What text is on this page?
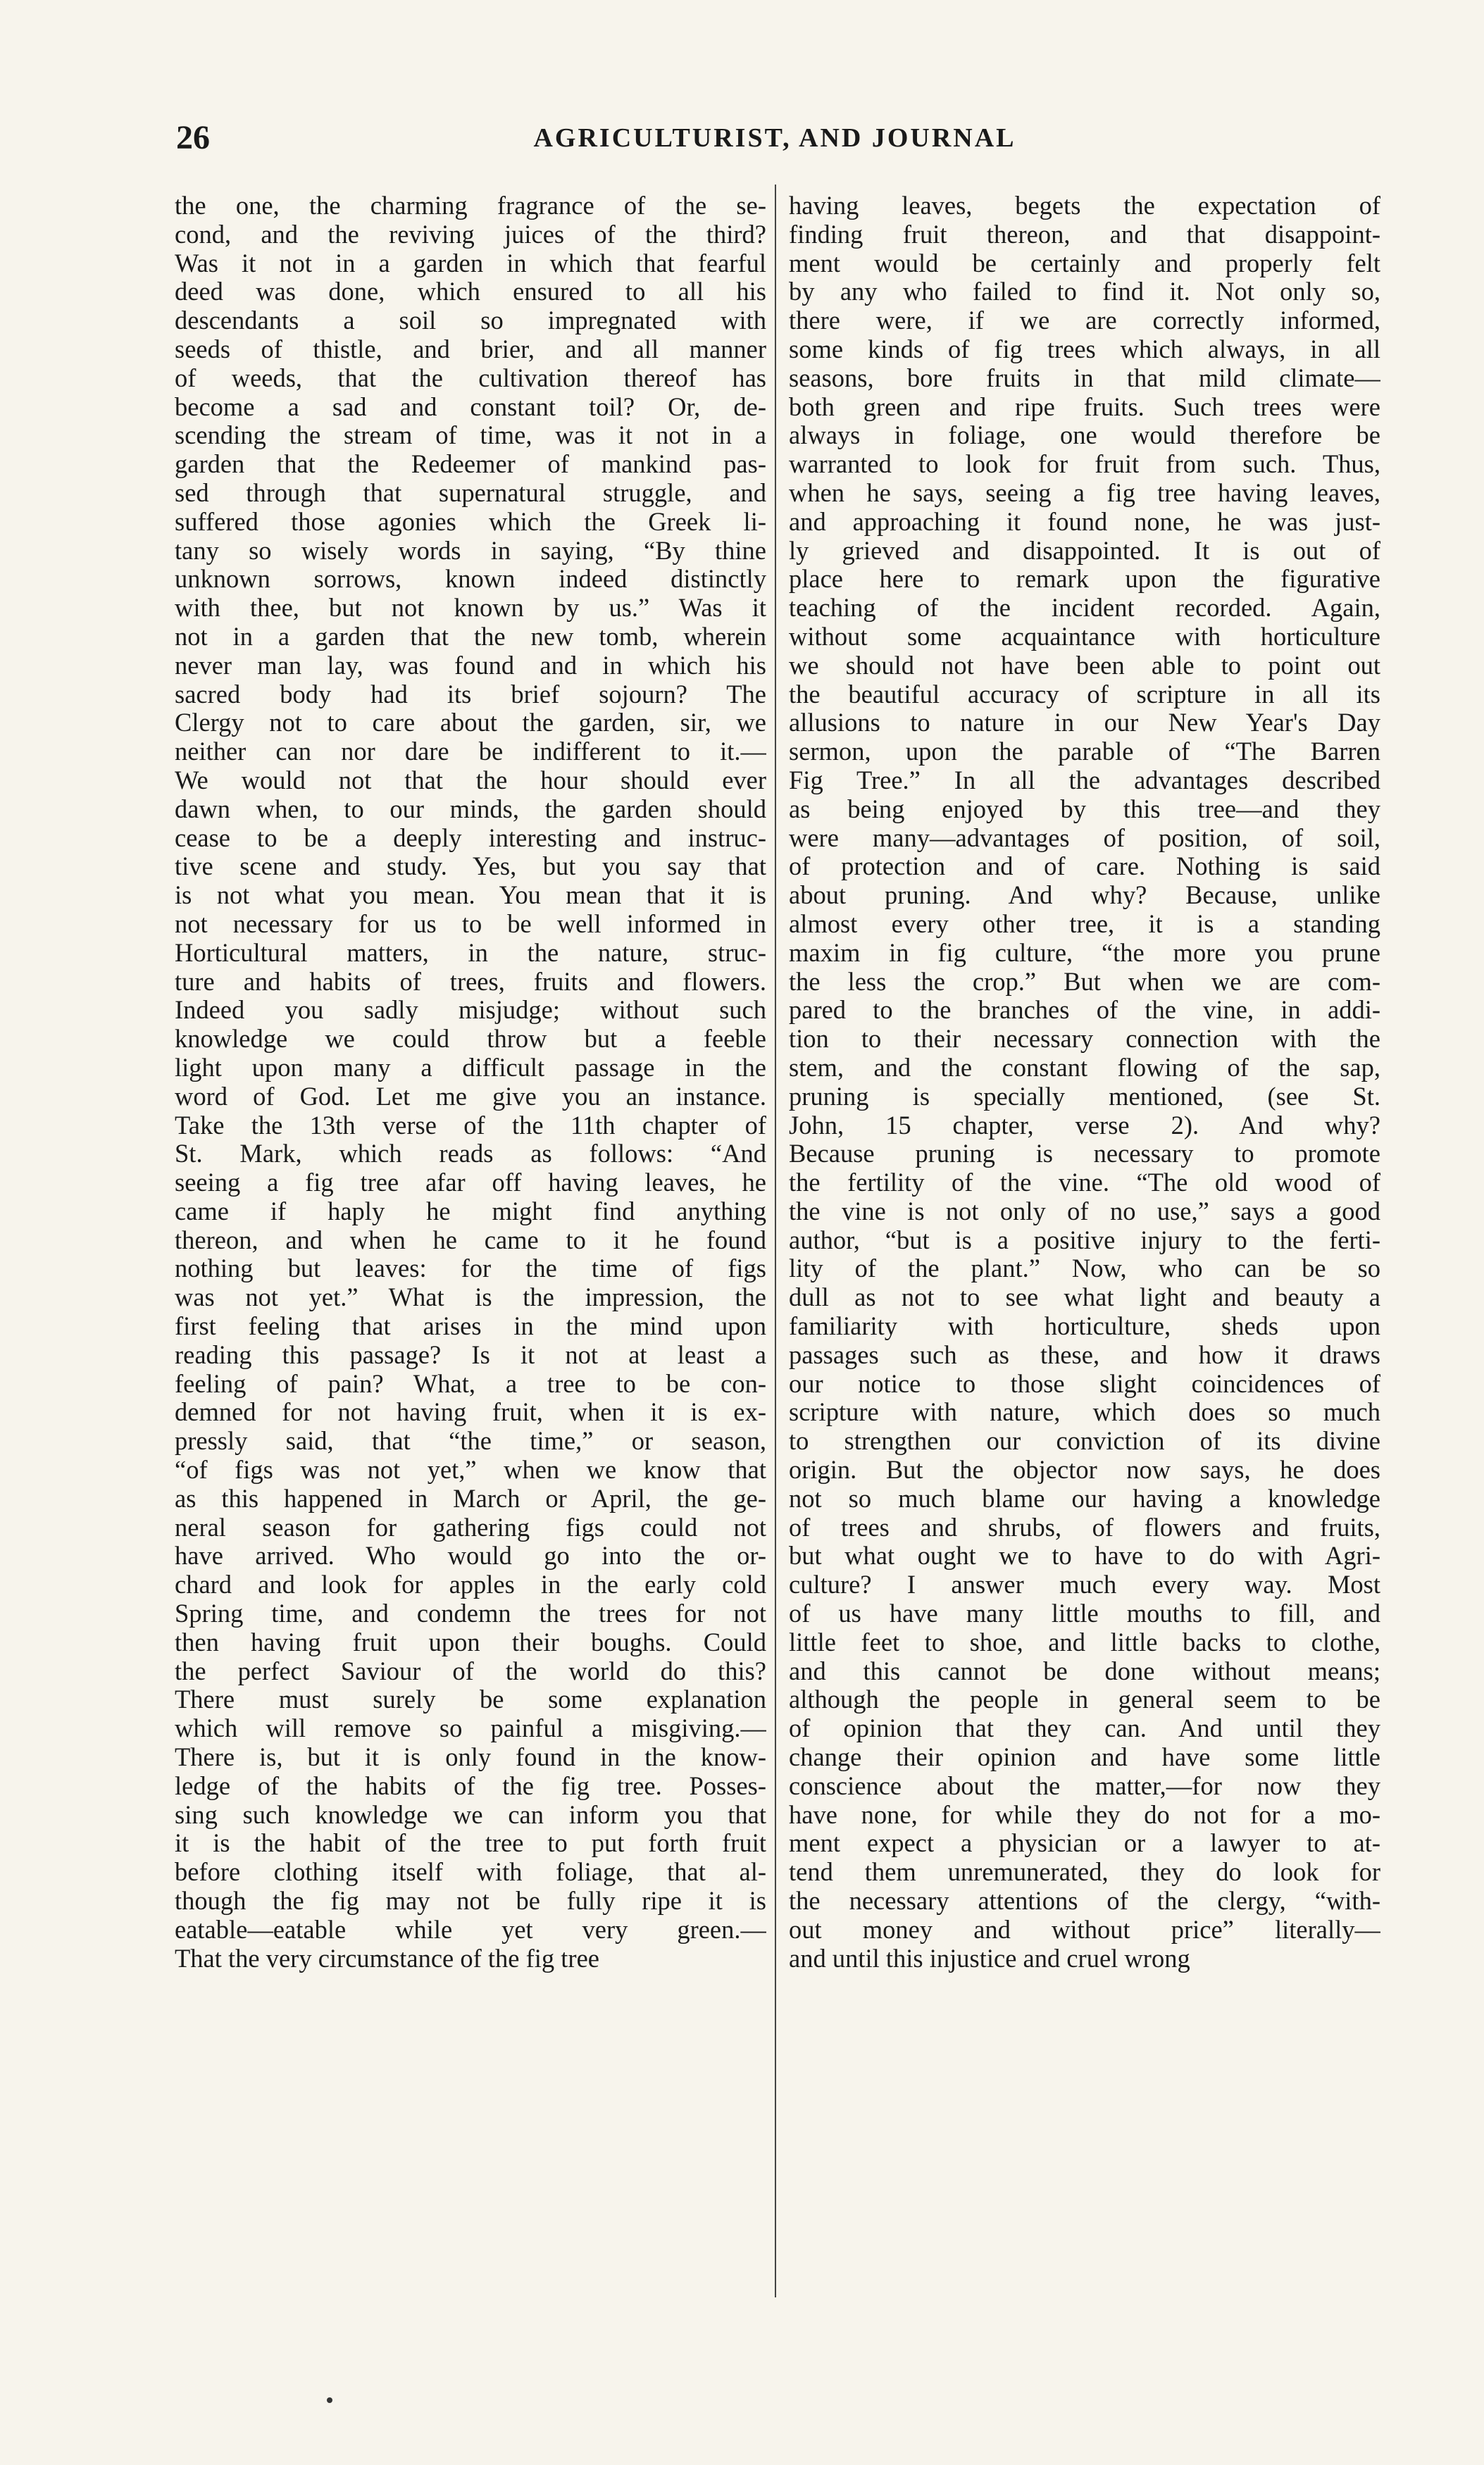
26	AGRICULTURIST, AND JOURNAL
the one, the charming fragrance of the se-
cond, and the reviving juices of the third?
Was it not in a garden in which that fearful
deed was done, which ensured to all his
descendants a soil so impregnated with
seeds of thistle, and brier, and all manner
of weeds, that the cultivation thereof has
become a sad and constant toil? Or, de-
scending the stream of time, was it not in a
garden that the Redeemer of mankind pas-
sed through that supernatural struggle, and
suffered those agonies which the Greek li-
tany so wisely words in saying, “By thine
unknown sorrows, known indeed distinctly
with thee, but not known by us.” Was it
not in a garden that the new tomb, wherein
never man lay, was found and in which his
sacred body had its brief sojourn? The
Clergy not to care about the garden, sir, we
neither can nor dare be indifferent to it.—
We would not that the hour should ever
dawn when, to our minds, the garden should
cease to be a deeply interesting and instruc-
tive scene and study. Yes, but you say that
is not what you mean. You mean that it is
not necessary for us to be well informed in
Horticultural matters, in the nature, struc-
ture and habits of trees, fruits and flowers.
Indeed you sadly misjudge; without such
knowledge we could throw but a feeble
light upon many a difficult passage in the
word of God. Let me give you an instance.
Take the 13th verse of the 11th chapter of
St. Mark, which reads as follows: “And
seeing a fig tree afar off having leaves, he
came if haply he might find anything
thereon, and when he came to it he found
nothing but leaves: for the time of figs
was not yet.” What is the impression, the
first feeling that arises in the mind upon
reading this passage? Is it not at least a
feeling of pain? What, a tree to be con-
demned for not having fruit, when it is ex-
pressly said, that “the time,” or season,
“of figs was not yet,” when we know that
as this happened in March or April, the ge-
neral season for gathering figs could not
have arrived. Who would go into the or-
chard and look for apples in the early cold
Spring time, and condemn the trees for not
then having fruit upon their boughs. Could
the perfect Saviour of the world do this?
There must surely be some explanation
which will remove so painful a misgiving.—
There is, but it is only found in the know-
ledge of the habits of the fig tree. Posses-
sing such knowledge we can inform you that
it is the habit of the tree to put forth fruit
before clothing itself with foliage, that al-
though the fig may not be fully ripe it is
eatable—eatable while yet very green.—
That the very circumstance of the fig tree
having leaves, begets the expectation of
finding fruit thereon, and that disappoint-
ment would be certainly and properly felt
by any who failed to find it. Not only so,
there were, if we are correctly informed,
some kinds of fig trees which always, in all
seasons, bore fruits in that mild climate—
both green and ripe fruits. Such trees were
always in foliage, one would therefore be
warranted to look for fruit from such. Thus,
when he says, seeing a fig tree having leaves,
and approaching it found none, he was just-
ly grieved and disappointed. It is out of
place here to remark upon the figurative
teaching of the incident recorded. Again,
without some acquaintance with horticulture
we should not have been able to point out
the beautiful accuracy of scripture in all its
allusions to nature in our New Year's Day
sermon, upon the parable of “The Barren
Fig Tree.” In all the advantages described
as being enjoyed by this tree—and they
were many—advantages of position, of soil,
of protection and of care. Nothing is said
about pruning. And why? Because, unlike
almost every other tree, it is a standing
maxim in fig culture, “the more you prune
the less the crop.” But when we are com-
pared to the branches of the vine, in addi-
tion to their necessary connection with the
stem, and the constant flowing of the sap,
pruning is specially mentioned, (see St.
John, 15 chapter, verse 2). And why?
Because pruning is necessary to promote
the fertility of the vine. “The old wood of
the vine is not only of no use,” says a good
author, “but is a positive injury to the ferti-
lity of the plant.” Now, who can be so
dull as not to see what light and beauty a
familiarity with horticulture, sheds upon
passages such as these, and how it draws
our notice to those slight coincidences of
scripture with nature, which does so much
to strengthen our conviction of its divine
origin. But the objector now says, he does
not so much blame our having a knowledge
of trees and shrubs, of flowers and fruits,
but what ought we to have to do with Agri-
culture? I answer much every way. Most
of us have many little mouths to fill, and
little feet to shoe, and little backs to clothe,
and this cannot be done without means;
although the people in general seem to be
of opinion that they can. And until they
change their opinion and have some little
conscience about the matter,—for now they
have none, for while they do not for a mo-
ment expect a physician or a lawyer to at-
tend them unremunerated, they do look for
the necessary attentions of the clergy, “with-
out money and without price” literally—
and until this injustice and cruel wrong
